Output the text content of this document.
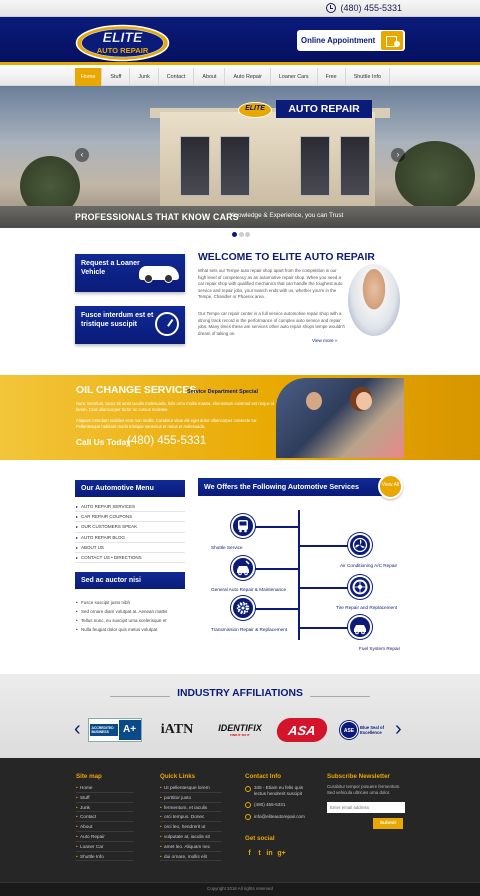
(480) 455-5331
ELITE
AUTO REPAIR
Online Appointment
Home	Stuff	Junk	Contact	About	Auto Repair	Loaner Cars	Free	Shuttle Info
ELITE	AUTO REPAIR
‹	›
PROFESSIONALS THAT KNOW CARS
Knowledge & Experience, you can Trust
Request a Loaner Vehicle
Fusce interdum est et tristique suscipit
WELCOME TO ELITE AUTO REPAIR
What sets our Tempe auto repair shop apart from the competition is our high level of competency as an automotive repair shop. When you need a car repair shop with qualified mechanics that can handle the toughest auto service and repair jobs, your search ends with us, whether you're in the Tempe, Chandler or Phoenix area.
Our Tempe car repair center is a full service automotive repair shop with a strong track record in the performance of complex auto service and repair jobs. Many times these are services other auto repair shops tempe wouldn't dream of taking on.
View more »
OIL CHANGE SERVICES
Service Department Special
Nunc interdum, lacus sit amet iaculis malesuada, felis urna mollis massa, elementum euismod est neque id lorem. Cras ullamcorper tortor ac cursus molestie.
Aliquam interdum sodales eros non mollis. Curabitur vitae elit eget dolor ullamcorper consecte tur. Pellentesque habitant morbi tristique senectus et netus et malesuada.
Call Us Today
(480) 455-5331
Our Automotive Menu
▸ AUTO REPAIR SERVICES
▸ CAR REPAIR COUPONS
▸ OUR CUSTOMERS SPEAK
▸ AUTO REPAIR BLOG
▸ ABOUT US
▸ CONTACT US • DIRECTIONS
Sed ac auctor nisi
• Fusce suscipit justo nibh
• Sed ornare diam volutpat at. Aenean mattis
• Tellus nunc, eu suscipit urna scelerisque et
• Nulla feugiat dolor quis metus volutpat
We Offers the Following Automotive Services	View All
Shuttle Service
Air Conditioning A/C Repair
General Auto Repair & Maintenance
Tire Repair and Replacement
Transmission Repair & Replacement
Fuel System Repair
INDUSTRY AFFILIATIONS
‹	›
ACCREDITED BUSINESS	A+	iATN	IDENTIFIX
FIND IT FIX IT	ASA	ASE
Blue Seal of Excellence
Site map
• Home
• Stuff
• Junk
• Contact
• About
• Auto Repair
• Loaner Car
• Shuttle Info
Quick Links
• Ut pellentesque lorem
• porttitor justo
• fermentum, et iaculis
• orci tempus. Donec
• orci leo, hendrerit ut
• vulputate at, iaculis sit
• amet leo. Aliquam nec
• dui ornare, mollis elit
Contact Info
345 - Etiam eu felis quis lectus hendrerit suscipit
(480) 455-5331
info@eliteautorepair.com
Get social
f	t in g+
Subscribe Newsletter
Curabitur tempor posuere fermentum. Sed vehicula ultricies urna dolor.
Enter email address
Submit
Copyright 2016 All rights reserved
